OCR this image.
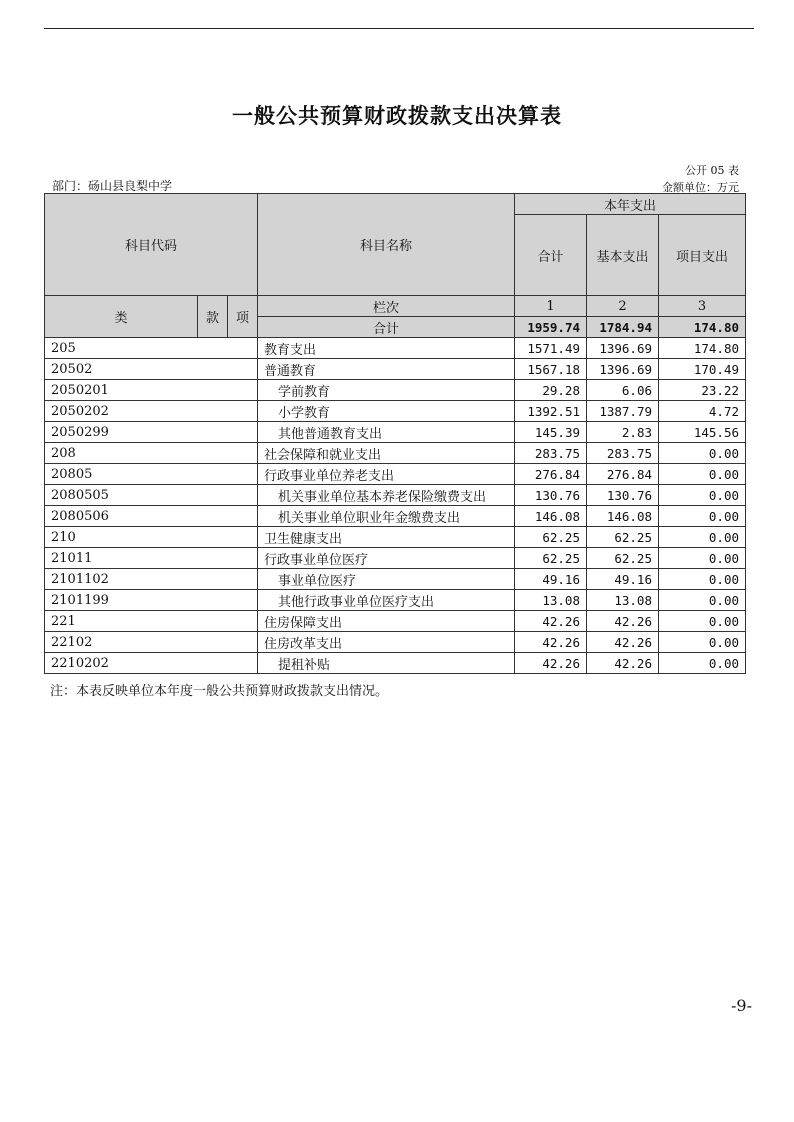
一般公共预算财政拨款支出决算表
公开 05 表
部门：砀山县良梨中学	金额单位：万元
科目代码			科目名称	本年支出		
				合计	基本支出	项目支出
类	款	项	栏次	1	2	3
			合计	1959.74	1784.94	174.80
205			教育支出	1571.49	1396.69	174.80
20502			普通教育	1567.18	1396.69	170.49
2050201			学前教育	29.28	6.06	23.22
2050202			小学教育	1392.51	1387.79	4.72
2050299			其他普通教育支出	145.39	2.83	145.56
208			社会保障和就业支出	283.75	283.75	0.00
20805			行政事业单位养老支出	276.84	276.84	0.00
2080505			机关事业单位基本养老保险缴费支出	130.76	130.76	0.00
2080506			机关事业单位职业年金缴费支出	146.08	146.08	0.00
210			卫生健康支出	62.25	62.25	0.00
21011			行政事业单位医疗	62.25	62.25	0.00
2101102			事业单位医疗	49.16	49.16	0.00
2101199			其他行政事业单位医疗支出	13.08	13.08	0.00
221			住房保障支出	42.26	42.26	0.00
22102			住房改革支出	42.26	42.26	0.00
2210202			提租补贴	42.26	42.26	0.00
注：本表反映单位本年度一般公共预算财政拨款支出情况。
-9-
